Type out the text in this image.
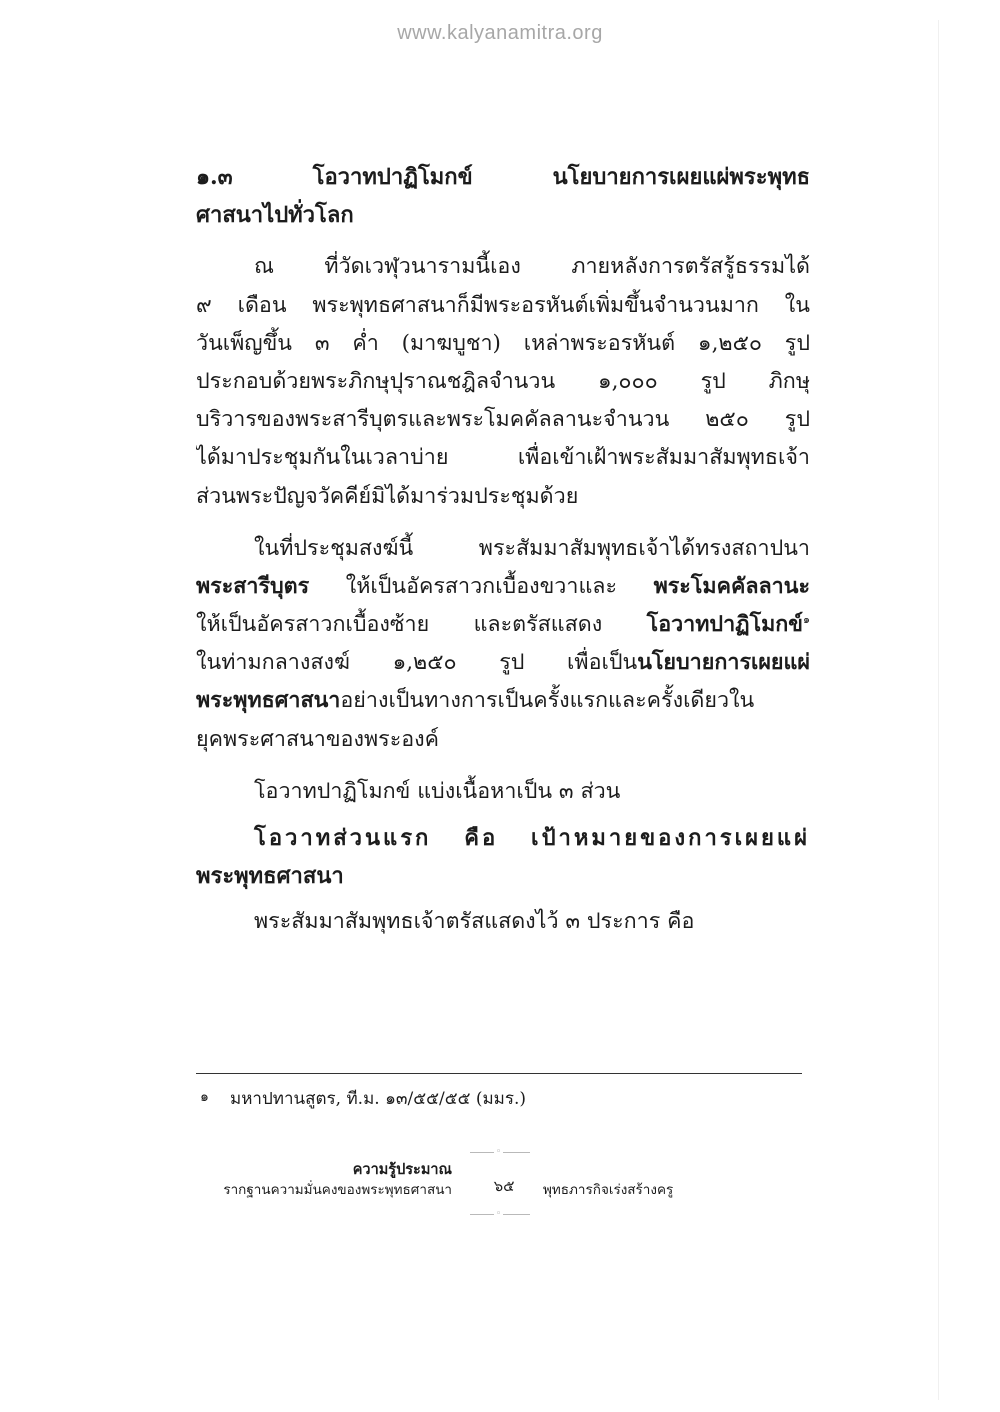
www.kalyanamitra.org
๑.๓ โอวาทปาฏิโมกข์ นโยบายการเผยแผ่พระพุทธ
ศาสนาไปทั่วโลก
ณ ที่วัดเวฬุวนารามนี้เอง ภายหลังการตรัสรู้ธรรมได้
๙ เดือน พระพุทธศาสนาก็มีพระอรหันต์เพิ่มขึ้นจำนวนมาก ใน
วันเพ็ญขึ้น ๓ ค่ำ (มาฆบูชา) เหล่าพระอรหันต์ ๑,๒๕๐ รูป
ประกอบด้วยพระภิกษุปุราณชฎิลจำนวน ๑,๐๐๐ รูป ภิกษุ
บริวารของพระสารีบุตรและพระโมคคัลลานะจำนวน ๒๕๐ รูป
ได้มาประชุมกันในเวลาบ่าย เพื่อเข้าเฝ้าพระสัมมาสัมพุทธเจ้า
ส่วนพระปัญจวัคคีย์มิได้มาร่วมประชุมด้วย
ในที่ประชุมสงฆ์นี้ พระสัมมาสัมพุทธเจ้าได้ทรงสถาปนา
พระสารีบุตร ให้เป็นอัครสาวกเบื้องขวาและ พระโมคคัลลานะ
ให้เป็นอัครสาวกเบื้องซ้าย และตรัสแสดง โอวาทปาฏิโมกข์$^๑$
ในท่ามกลางสงฆ์ ๑,๒๕๐ รูป เพื่อเป็นนโยบายการเผยแผ่
พระพุทธศาสนาอย่างเป็นทางการเป็นครั้งแรกและครั้งเดียวใน
ยุคพระศาสนาของพระองค์
โอวาทปาฏิโมกข์ แบ่งเนื้อหาเป็น ๓ ส่วน
โอวาทส่วนแรก คือ เป้าหมายของการเผยแผ่
พระพุทธศาสนา
พระสัมมาสัมพุทธเจ้าตรัสแสดงไว้ ๓ ประการ คือ
๑ มหาปทานสูตร, ที.ม. ๑๓/๕๕/๕๕ (มมร.)
◦
ความรู้ประมาณ
รากฐานความมั่นคงของพระพุทธศาสนา	๖๕	พุทธภารกิจเร่งสร้างครู
◦
